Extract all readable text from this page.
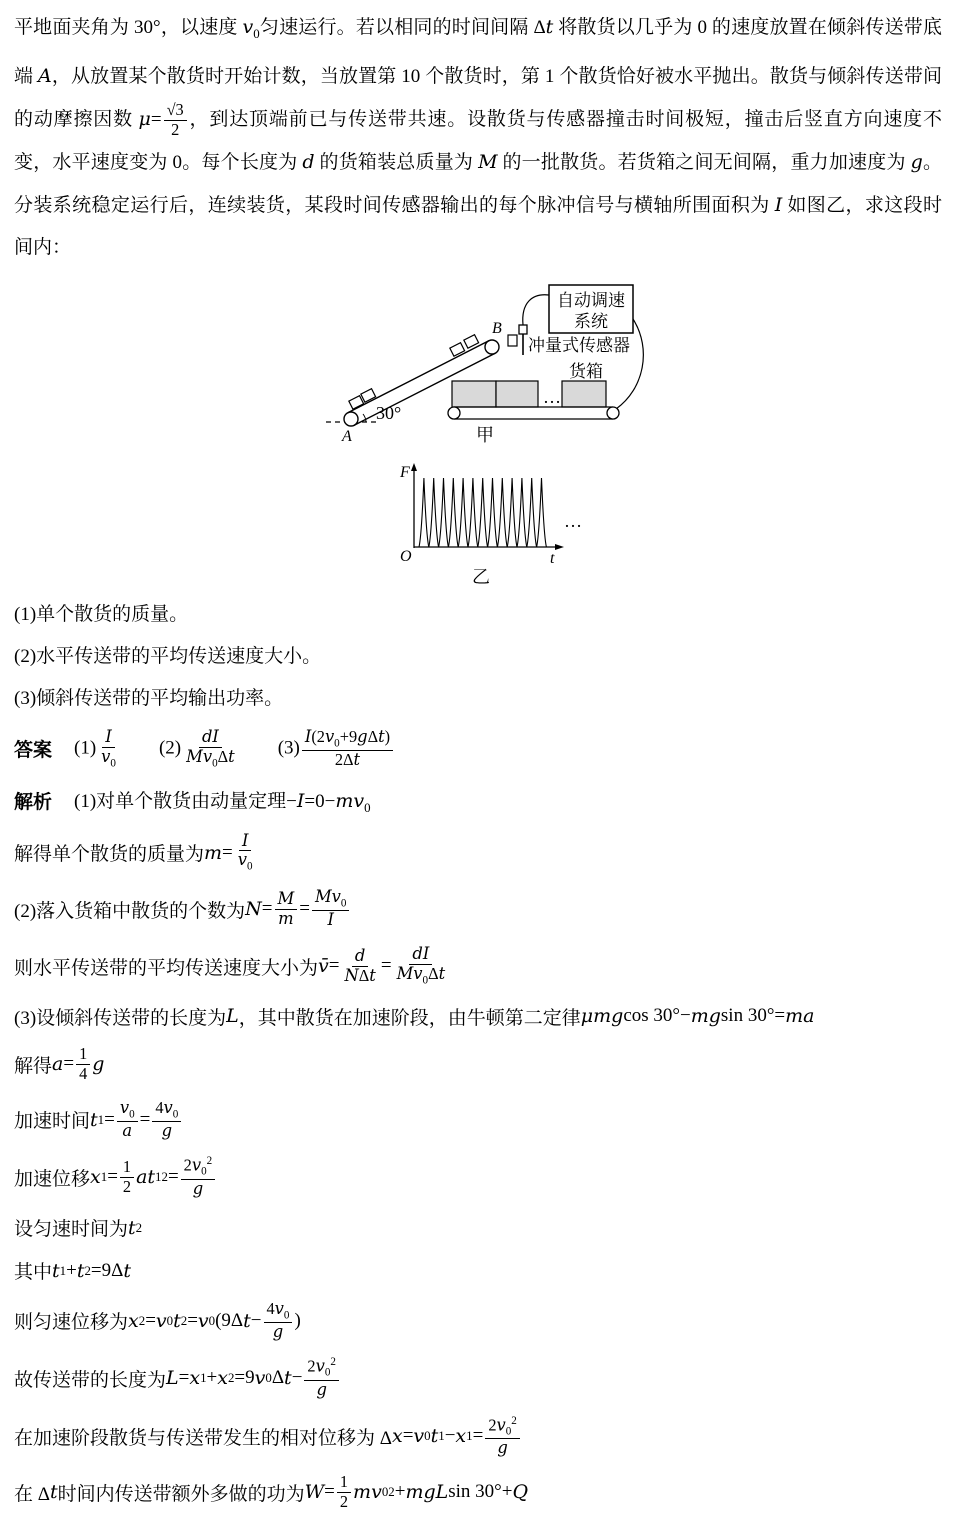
平地面夹角为 30°，以速度 $v_0$匀速运行。若以相同的时间间隔 Δt 将散货以几乎为 0 的速度放置在倾斜传送带底端 A，从放置某个散货时开始计数，当放置第 10 个散货时，第 1 个散货恰好被水平抛出。散货与倾斜传送带间的动摩擦因数 $\mu= \frac{√3}{2}$ ，到达顶端前已与传送带共速。设散货与传感器撞击时间极短，撞击后竖直方向速度不变，水平速度变为 0。每个长度为 d 的货箱装总质量为 M 的一批散货。若货箱之间无间隔，重力加速度为 g。分装系统稳定运行后，连续装货，某段时间传感器输出的每个脉冲信号与横轴所围面积为 I 如图乙，求这段时间内：

自动调速
系统
30°
A
B
冲量式传感器
货箱
…
甲
F
O	t
…
乙
(1)单个散货的质量。
(2)水平传送带的平均传送速度大小。
(3)倾斜传送带的平均输出功率。
答案 $(1) \frac{I}{v_0}$ 　　$(2) \frac{dI}{Mv_0\Delta t}$ 　　$(3) \frac{I(2v_0+9g\Delta t)}{2\Delta t}$
解析 (1)对单个散货由动量定理$-I=0-mv_0$
解得单个散货的质量为 $m = \frac{I}{v_0}$
(2)落入货箱中散货的个数为 $N = \frac{M}{m} = \frac{Mv_0}{I}$
则水平传送带的平均传送速度大小为 v̄ = $\frac{d}{\text{NΔt}} = \frac{dI}{Mv_0\Delta t}$
(3)设倾斜传送带的长度为 L ，其中散货在加速阶段，由牛顿第二定律 μmg cos 30°− mg sin 30°= ma
解得 $a = \frac{1}{4}$ g
加速时间 t $1 = \frac{v_0}{a} = \frac{4v_0}{g}$
加速位移 x $1 = \frac{1}{2}$ at 1 $2 = \frac{2v_0^2}{g}$
设匀速时间为 t 2
其中 t 1 + t 2 =9Δ t
则匀速位移为 x 2 = v 0 t 2 = v 0 (9Δ $t - \frac{4v_0}{g}$ )
故传送带的长度为 L = x 1 + x 2 =9 v 0 Δ $t - \frac{2v_0^2}{g}$
在加速阶段散货与传送带发生的相对位移为 Δ x = v 0 t 1 − x $1 = \frac{2v_0^2}{g}$
在 Δ t 时间内传送带额外多做的功为 $W = \frac{1}{2}$ mv 0 2 + mgL sin 30°+ Q
